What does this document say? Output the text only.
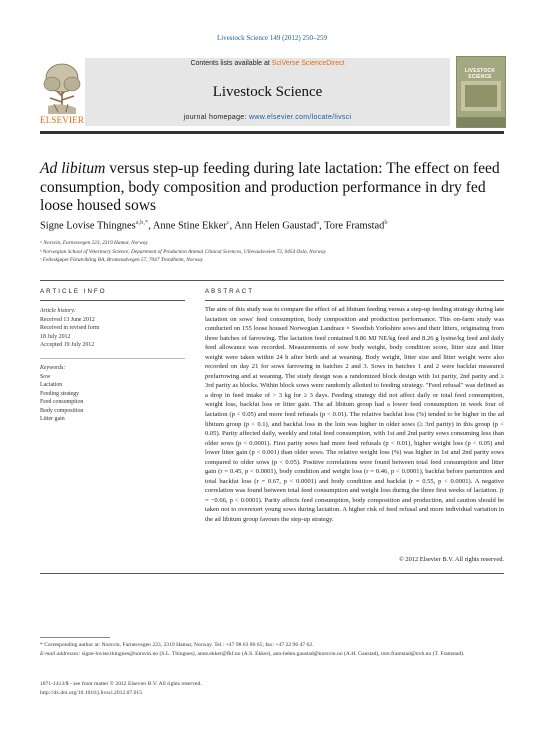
Livestock Science 149 (2012) 250–259
ELSEVIER
Contents lists available at SciVerse ScienceDirect
Livestock Science
journal homepage: www.elsevier.com/locate/livsci
LIVESTOCK SCIENCE
Ad libitum versus step-up feeding during late lactation: The effect on feed consumption, body composition and production performance in dry fed loose housed sows
Signe Lovise Thingnes$^{a,b,*}$, Anne Stine Ekker$^c$, Ann Helen Gaustad$^a$, Tore Framstad$^b$
ᵃ Norsvin, Furnesvegen 223, 2319 Hamar, Norway
ᵇ Norwegian School of Veterinary Science, Department of Production Animal Clinical Sciences, Ullevaalsveien 72, 0454 Oslo, Norway
ᶜ Felleskjøpet Fôrutvikling BA, Bromstadvegen 57, 7047 Trondheim, Norway
ARTICLE INFO
Article history:
Received 13 June 2012
Received in revised form
18 July 2012
Accepted 19 July 2012
Keywords:
Sow
Lactation
Feeding strategy
Feed consumption
Body composition
Litter gain
ABSTRACT
The aim of this study was to compare the effect of ad libitum feeding versus a step-up feeding strategy during late lactation on sows' feed consumption, body composition and production performance. This on-farm study was conducted on 155 loose housed Norwegian Landrace × Swedish Yorkshire sows and their litters, originating from three batches of farrowing. The lactation feed contained 9.86 MJ NE/kg feed and 8.26 g lysine/kg feed and daily feed allowance was recorded. Measurements of sow body weight, body condition score, litter size and litter weight were taken within 24 h after birth and at weaning. Body weight, litter size and litter weight were also recorded on day 21 for sows farrowing in batches 2 and 3. Sows in batches 1 and 2 were backfat measured prefarrowing and at weaning. The study design was a randomized block design with 1st parity, 2nd parity and ≥ 3rd parity as blocks. Within block sows were randomly allotted to feeding strategy. "Feed refusal" was defined as a drop in feed intake of > 3 kg for ≥ 3 days. Feeding strategy did not affect daily or total feed consumption, weight loss, backfat loss or litter gain. The ad libitum group had a lower feed consumption in week four of lactation (p < 0.05) and more feed refusals (p < 0.01). The relative backfat loss (%) tended to be higher in the ad libitum group (p < 0.1), and backfat loss in the loin was higher in older sows (≥ 3rd parity) in this group (p < 0.05). Parity affected daily, weekly and total feed consumption, with 1st and 2nd parity sows consuming less than older sows (p < 0.0001). First parity sows had more feed refusals (p < 0.01), higher weight loss (p < 0.05) and lower litter gain (p < 0.001) than older sows. The relative weight loss (%) was higher in 1st and 2nd parity sows compared to older sows (p < 0.05). Positive correlations were found between total feed consumption and litter gain (r = 0.45, p < 0.0001), body condition and weight loss (r = 0.46, p < 0.0001), backfat before parturition and total backfat loss (r = 0.67, p < 0.0001) and body condition and backfat (r = 0.55, p < 0.0001). A negative correlation was found between total feed consumption and weight loss during the three first weeks of lactation. (r = −0.66, p < 0.0001). Parity affects feed consumption, body composition and production, and caution should be taken not to overexert young sows during lactation. A higher risk of feed refusal and more individual variation in the ad libitum group favours the step-up strategy.
© 2012 Elsevier B.V. All rights reserved.
* Corresponding author at: Norsvin, Furnesvegen 223, 2319 Hamar, Norway. Tel.: +47 98 63 80 65; fax: +47 22 96 47 62.
E-mail addresses: signe-lovise.thingnes@norsvin.no (S.L. Thingnes), anne.ekker@fkf.no (A.S. Ekker), ann-helen.gaustad@norsvin.no (A.H. Gaustad), tore.framstad@nvh.no (T. Framstad).
1871-1413/$ - see front matter © 2012 Elsevier B.V. All rights reserved.
http://dx.doi.org/10.1016/j.livsci.2012.07.015
